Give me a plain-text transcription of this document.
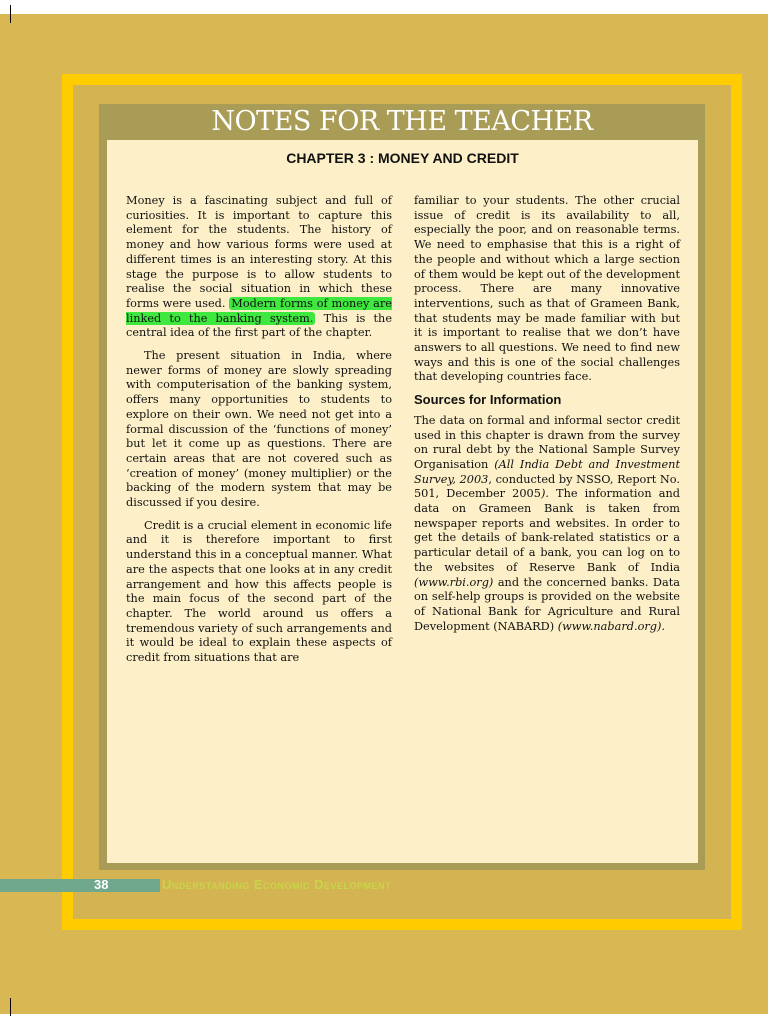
NOTES FOR THE TEACHER
CHAPTER 3 : MONEY AND CREDIT

Money is a fascinating subject and full of curiosities. It is important to capture this element for the students. The history of money and how various forms were used at different times is an interesting story. At this stage the purpose is to allow students to realise the social situation in which these forms were used. Modern forms of money are linked to the banking system. This is the central idea of the first part of the chapter.

The present situation in India, where newer forms of money are slowly spreading with computerisation of the banking system, offers many opportunities to students to explore on their own. We need not get into a formal discussion of the ‘functions of money’ but let it come up as questions. There are certain areas that are not covered such as ‘creation of money’ (money multiplier) or the backing of the modern system that may be discussed if you desire.

Credit is a crucial element in economic life and it is therefore important to first understand this in a conceptual manner. What are the aspects that one looks at in any credit arrangement and how this affects people is the main focus of the second part of the chapter. The world around us offers a tremendous variety of such arrangements and it would be ideal to explain these aspects of credit from situations that are

familiar to your students. The other crucial issue of credit is its availability to all, especially the poor, and on reasonable terms. We need to emphasise that this is a right of the people and without which a large section of them would be kept out of the development process. There are many innovative interventions, such as that of Grameen Bank, that students may be made familiar with but it is important to realise that we don’t have answers to all questions. We need to find new ways and this is one of the social challenges that developing countries face.

Sources for Information

The data on formal and informal sector credit used in this chapter is drawn from the survey on rural debt by the National Sample Survey Organisation (All India Debt and Investment Survey, 2003, conducted by NSSO, Report No. 501, December 2005). The information and data on Grameen Bank is taken from newspaper reports and websites. In order to get the details of bank-related statistics or a particular detail of a bank, you can log on to the websites of Reserve Bank of India (www.rbi.org) and the concerned banks. Data on self-help groups is provided on the website of National Bank for Agriculture and Rural Development (NABARD) (www.nabard.org).

38	Understanding Economic Development
